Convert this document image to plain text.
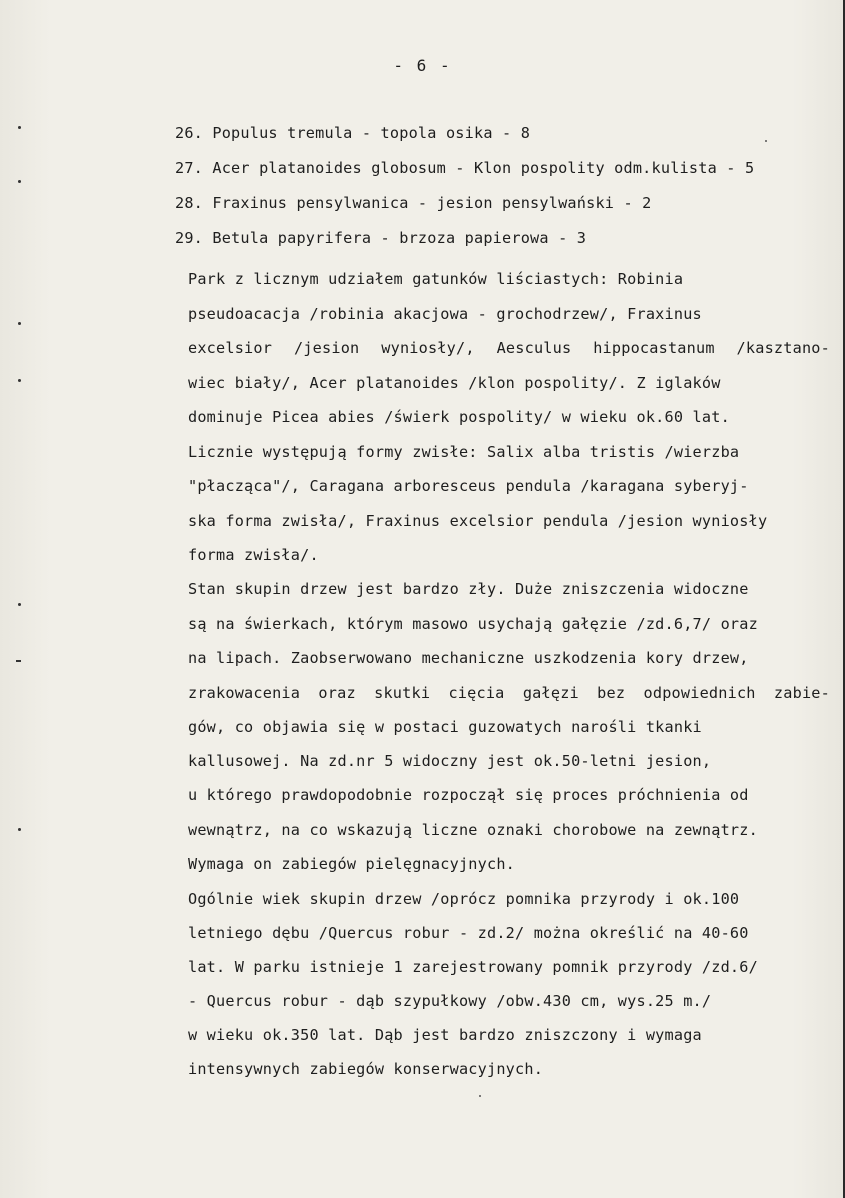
- 6 -
26. Populus tremula - topola osika - 8
27. Acer platanoides globosum - Klon pospolity odm.kulista - 5
28. Fraxinus pensylwanica - jesion pensylwański - 2
29. Betula papyrifera - brzoza papierowa - 3
Park z licznym udziałem gatunków liściastych: Robinia
pseudoacacja /robinia akacjowa - grochodrzew/, Fraxinus
excelsior /jesion wyniosły/, Aesculus hippocastanum /kasztano-
wiec biały/, Acer platanoides /klon pospolity/. Z iglaków
dominuje Picea abies /świerk pospolity/ w wieku ok.60 lat.
Licznie występują formy zwisłe: Salix alba tristis /wierzba
"płacząca"/, Caragana arboresceus pendula /karagana syberyj-
ska forma zwisła/, Fraxinus excelsior pendula /jesion wyniosły
forma zwisła/.
Stan skupin drzew jest bardzo zły. Duże zniszczenia widoczne
są na świerkach, którym masowo usychają gałęzie /zd.6,7/ oraz
na lipach. Zaobserwowano mechaniczne uszkodzenia kory drzew,
zrakowacenia oraz skutki cięcia gałęzi bez odpowiednich zabie-
gów, co objawia się w postaci guzowatych narośli tkanki
kallusowej. Na zd.nr 5 widoczny jest ok.50-letni jesion,
u którego prawdopodobnie rozpoczął się proces próchnienia od
wewnątrz, na co wskazują liczne oznaki chorobowe na zewnątrz.
Wymaga on zabiegów pielęgnacyjnych.
Ogólnie wiek skupin drzew /oprócz pomnika przyrody i ok.100
letniego dębu /Quercus robur - zd.2/ można określić na 40-60
lat. W parku istnieje 1 zarejestrowany pomnik przyrody /zd.6/
- Quercus robur - dąb szypułkowy /obw.430 cm, wys.25 m./
w wieku ok.350 lat. Dąb jest bardzo zniszczony i wymaga
intensywnych zabiegów konserwacyjnych.
